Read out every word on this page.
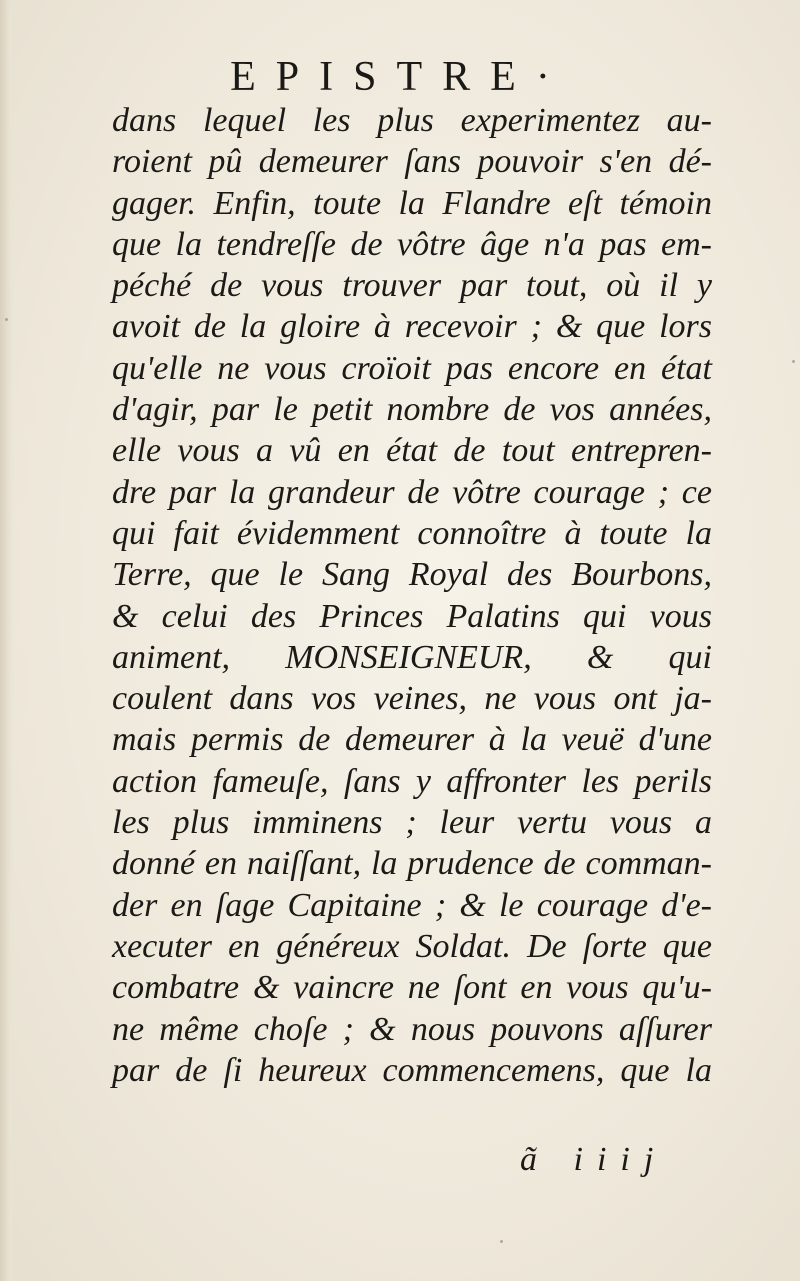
EPISTRE·
dans lequel les plus experimentez au-
roient pû demeurer ſans pouvoir s'en dé-
gager. Enfin, toute la Flandre eſt témoin
que la tendreſſe de vôtre âge n'a pas em-
péché de vous trouver par tout, où il y
avoit de la gloire à recevoir ; & que lors
qu'elle ne vous croïoit pas encore en état
d'agir, par le petit nombre de vos années,
elle vous a vû en état de tout entrepren-
dre par la grandeur de vôtre courage ; ce
qui fait évidemment connoître à toute la
Terre, que le Sang Royal des Bourbons,
& celui des Princes Palatins qui vous
animent, MONSEIGNEUR, & qui
coulent dans vos veines, ne vous ont ja-
mais permis de demeurer à la veuë d'une
action fameuſe, ſans y affronter les perils
les plus imminens ; leur vertu vous a
donné en naiſſant, la prudence de comman-
der en ſage Capitaine ; & le courage d'e-
xecuter en généreux Soldat. De ſorte que
combatre & vaincre ne ſont en vous qu'u-
ne même choſe ; & nous pouvons aſſurer
par de ſi heureux commencemens, que la
ã iiij
